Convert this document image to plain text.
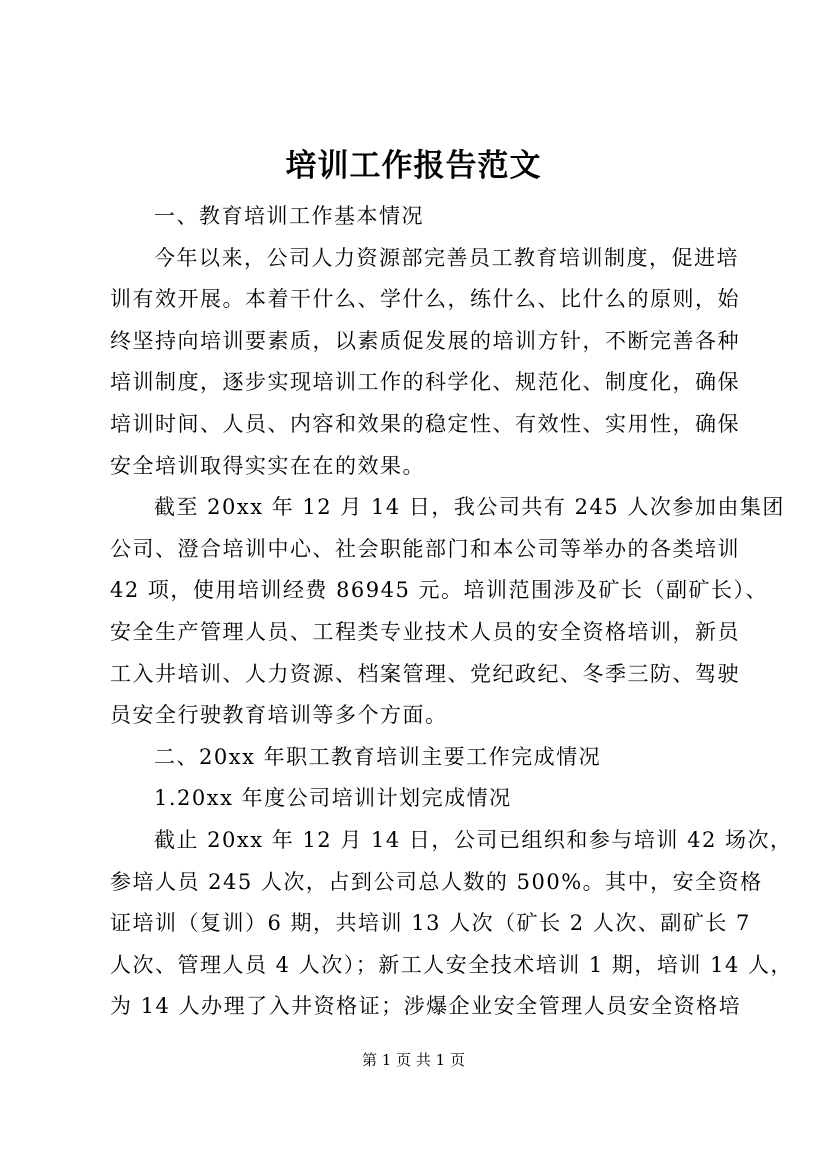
培训工作报告范文
一、教育培训工作基本情况
今年以来，公司人力资源部完善员工教育培训制度，促进培
训有效开展。本着干什么、学什么，练什么、比什么的原则，始
终坚持向培训要素质，以素质促发展的培训方针，不断完善各种
培训制度，逐步实现培训工作的科学化、规范化、制度化，确保
培训时间、人员、内容和效果的稳定性、有效性、实用性，确保
安全培训取得实实在在的效果。
截至 20xx 年 12 月 14 日，我公司共有 245 人次参加由集团
公司、澄合培训中心、社会职能部门和本公司等举办的各类培训
42 项，使用培训经费 86945 元。培训范围涉及矿长（副矿长）、
安全生产管理人员、工程类专业技术人员的安全资格培训，新员
工入井培训、人力资源、档案管理、党纪政纪、冬季三防、驾驶
员安全行驶教育培训等多个方面。
二、20xx 年职工教育培训主要工作完成情况
1.20xx 年度公司培训计划完成情况
截止 20xx 年 12 月 14 日，公司已组织和参与培训 42 场次，
参培人员 245 人次，占到公司总人数的 500%。其中，安全资格
证培训（复训）6 期，共培训 13 人次（矿长 2 人次、副矿长 7
人次、管理人员 4 人次）；新工人安全技术培训 1 期，培训 14 人，
为 14 人办理了入井资格证；涉爆企业安全管理人员安全资格培
第 1 页 共 1 页
